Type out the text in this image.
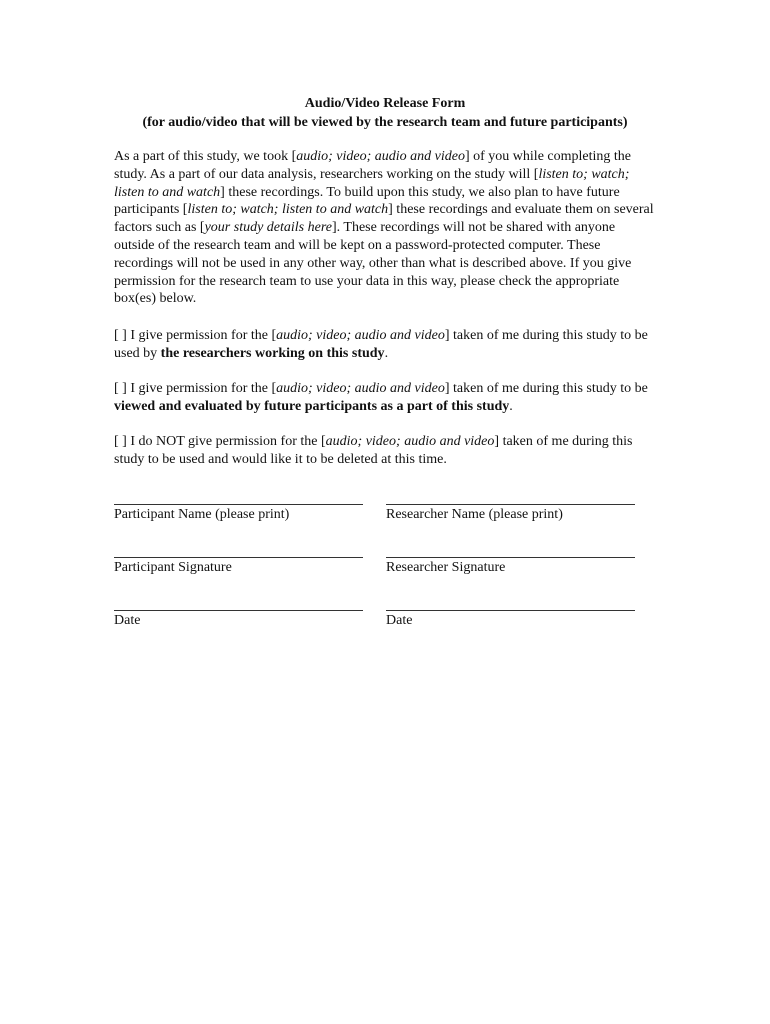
Audio/Video Release Form
(for audio/video that will be viewed by the research team and future participants)

As a part of this study, we took [audio; video; audio and video] of you while completing the study. As a part of our data analysis, researchers working on the study will [listen to; watch; listen to and watch] these recordings. To build upon this study, we also plan to have future participants [listen to; watch; listen to and watch] these recordings and evaluate them on several factors such as [your study details here]. These recordings will not be shared with anyone outside of the research team and will be kept on a password-protected computer. These recordings will not be used in any other way, other than what is described above. If you give permission for the research team to use your data in this way, please check the appropriate box(es) below.

[ ] I give permission for the [audio; video; audio and video] taken of me during this study to be used by the researchers working on this study.

[ ] I give permission for the [audio; video; audio and video] taken of me during this study to be viewed and evaluated by future participants as a part of this study.

[ ] I do NOT give permission for the [audio; video; audio and video] taken of me during this study to be used and would like it to be deleted at this time.

Participant Name (please print)	Researcher Name (please print)
Participant Signature	Researcher Signature
Date	Date
